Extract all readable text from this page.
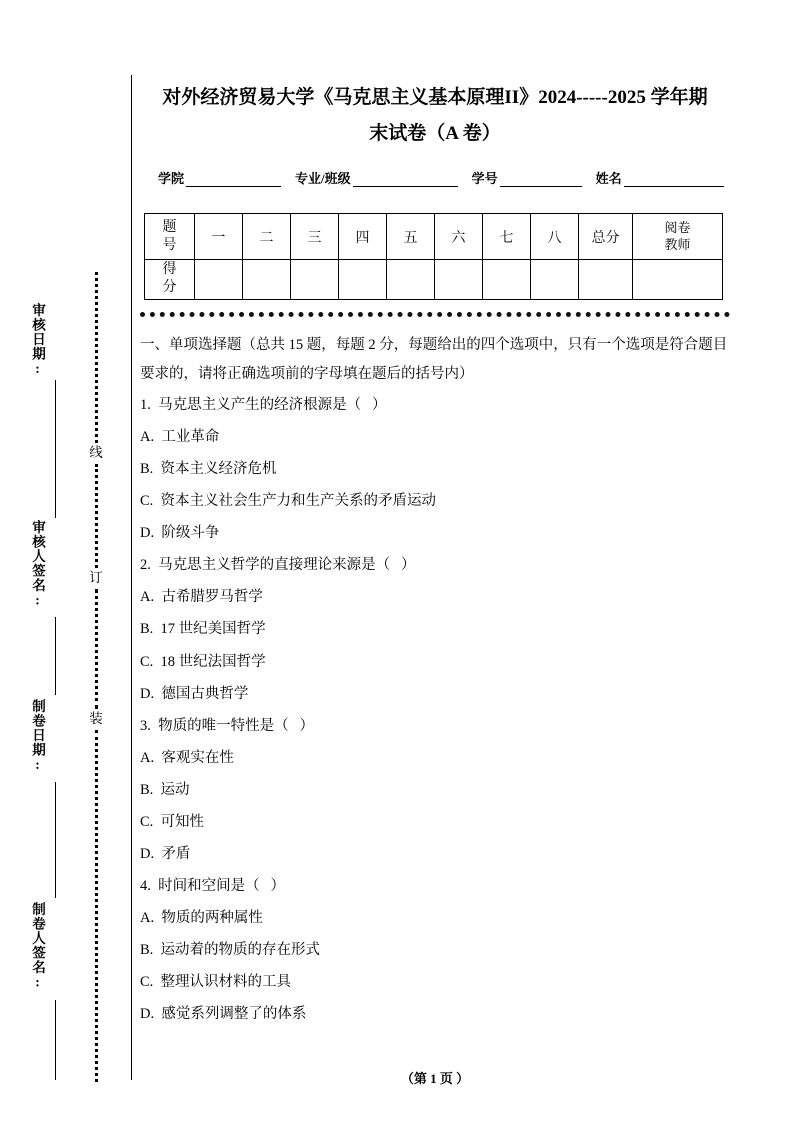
审核日期:
审核人签名:
制卷日期:
制卷人签名:
线
订
装
对外经济贸易大学《马克思主义基本原理II》2024-----2025 学年期
末试卷（A 卷）
学院	专业/班级	学号	姓名
题号	一	二	三	四	五	六	七	八	总分	阅卷教师

得分										

一、单项选择题（总共 15 题，每题 2 分，每题给出的四个选项中，只有一个选项是符合题目要求的，请将正确选项前的字母填在题后的括号内）

1.  马克思主义产生的经济根源是（   ）

A.  工业革命

B.  资本主义经济危机

C.  资本主义社会生产力和生产关系的矛盾运动

D.  阶级斗争

2.  马克思主义哲学的直接理论来源是（   ）

A.  古希腊罗马哲学

B.  17 世纪美国哲学

C.  18 世纪法国哲学

D.  德国古典哲学

3.  物质的唯一特性是（   ）

A.  客观实在性

B.  运动

C.  可知性

D.  矛盾

4.  时间和空间是（   ）

A.  物质的两种属性

B.  运动着的物质的存在形式

C.  整理认识材料的工具

D.  感觉系列调整了的体系

（第 1 页 ）
